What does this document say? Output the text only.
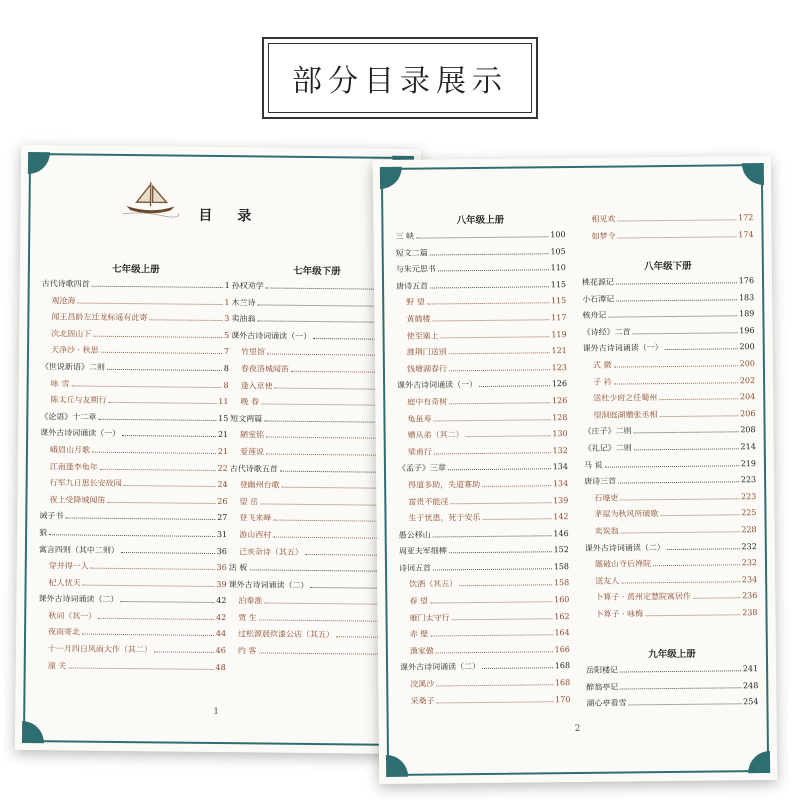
部分目录展示
目 录
七年级上册
古代诗歌四首	1
观沧海	1
闻王昌龄左迁龙标遥有此寄	3
次北固山下	5
天净沙 · 秋思	7
《世说新语》二则	8
咏 雪	8
陈太丘与友期行	11
《论语》十二章	15
课外古诗词诵读（一）	21
峨眉山月歌	21
江南逢李龟年	22
行军九日思长安故园	24
夜上受降城闻笛	26
诫子书	27
狼	31
寓言四则（其中二则）	36
穿井得一人	36
杞人忧天	39
课外古诗词诵读（二）	42
秋词（其一）	42
夜雨寄北	44
十一月四日风雨大作（其二）	46
潼 关	48
七年级下册
孙权劝学
木兰诗
卖油翁
课外古诗词诵读（一）
竹里馆
春夜洛城闻笛
逢入京使
晚 春
短文两篇
陋室铭
爱莲说
古代诗歌五首
登幽州台歌
望 岳
登飞来峰
游山西村
己亥杂诗（其五）
活 板
课外古诗词诵读（二）
泊秦淮
贾 生
过松源晨炊漆公店（其五）
约 客
1
八年级上册
三 峡	100
短文二篇	105
与朱元思书	110
唐诗五首	115
野 望	115
黄鹤楼	117
使至塞上	119
渡荆门送别	121
钱塘湖春行	123
课外古诗词诵读（一）	126
庭中有奇树	126
龟虽寿	128
赠从弟（其二）	130
梁甫行	132
《孟子》三章	134
得道多助，失道寡助	134
富贵不能淫	139
生于忧患，死于安乐	142
愚公移山	146
周亚夫军细柳	152
诗词五首	158
饮酒（其五）	158
春 望	160
雁门太守行	162
赤 壁	164
渔家傲	166
课外古诗词诵读（二）	168
浣溪沙	168
采桑子	170
相见欢	172
如梦令	174
八年级下册
桃花源记	176
小石潭记	183
核舟记	189
《诗经》二首	196
课外古诗词诵读（一）	200
式 微	200
子 衿	202
送杜少府之任蜀州	204
望洞庭湖赠张丞相	206
《庄子》二则	208
《礼记》二则	214
马 说	219
唐诗三首	223
石壕吏	223
茅屋为秋风所破歌	225
卖炭翁	228
课外古诗词诵读（二）	232
题破山寺后禅院	232
送友人	234
卜算子 · 黄州定慧院寓居作	236
卜算子 · 咏梅	238
九年级上册
岳阳楼记	241
醉翁亭记	248
湖心亭看雪	254
2
